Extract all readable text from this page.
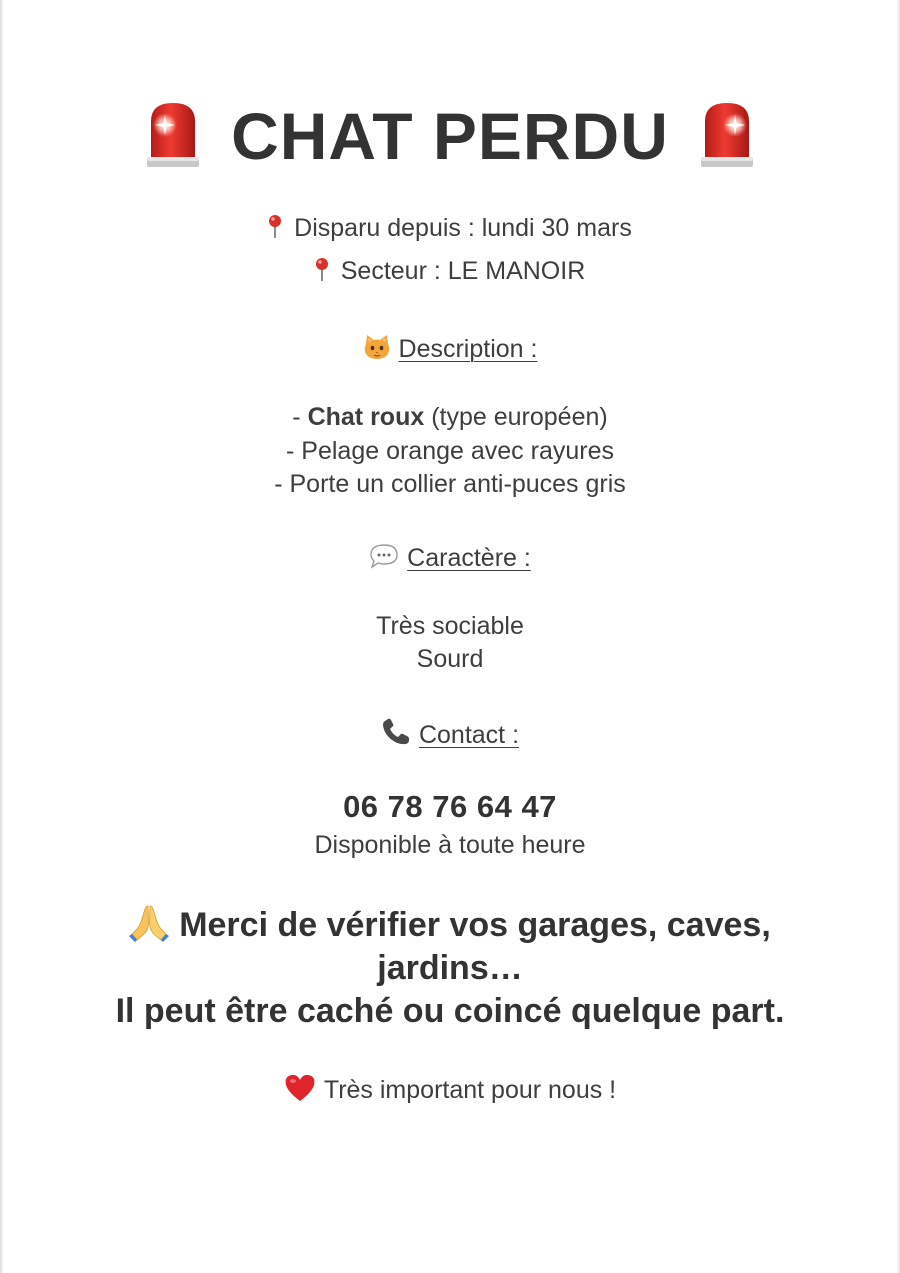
CHAT PERDU
Disparu depuis : lundi 30 mars
Secteur : LE MANOIR
Description :
- Chat roux (type européen)
- Pelage orange avec rayures
- Porte un collier anti-puces gris
Caractère :
Très sociable
Sourd
Contact :
06 78 76 64 47
Disponible à toute heure
Merci de vérifier vos garages, caves,
jardins…
Il peut être caché ou coincé quelque part.
Très important pour nous !
